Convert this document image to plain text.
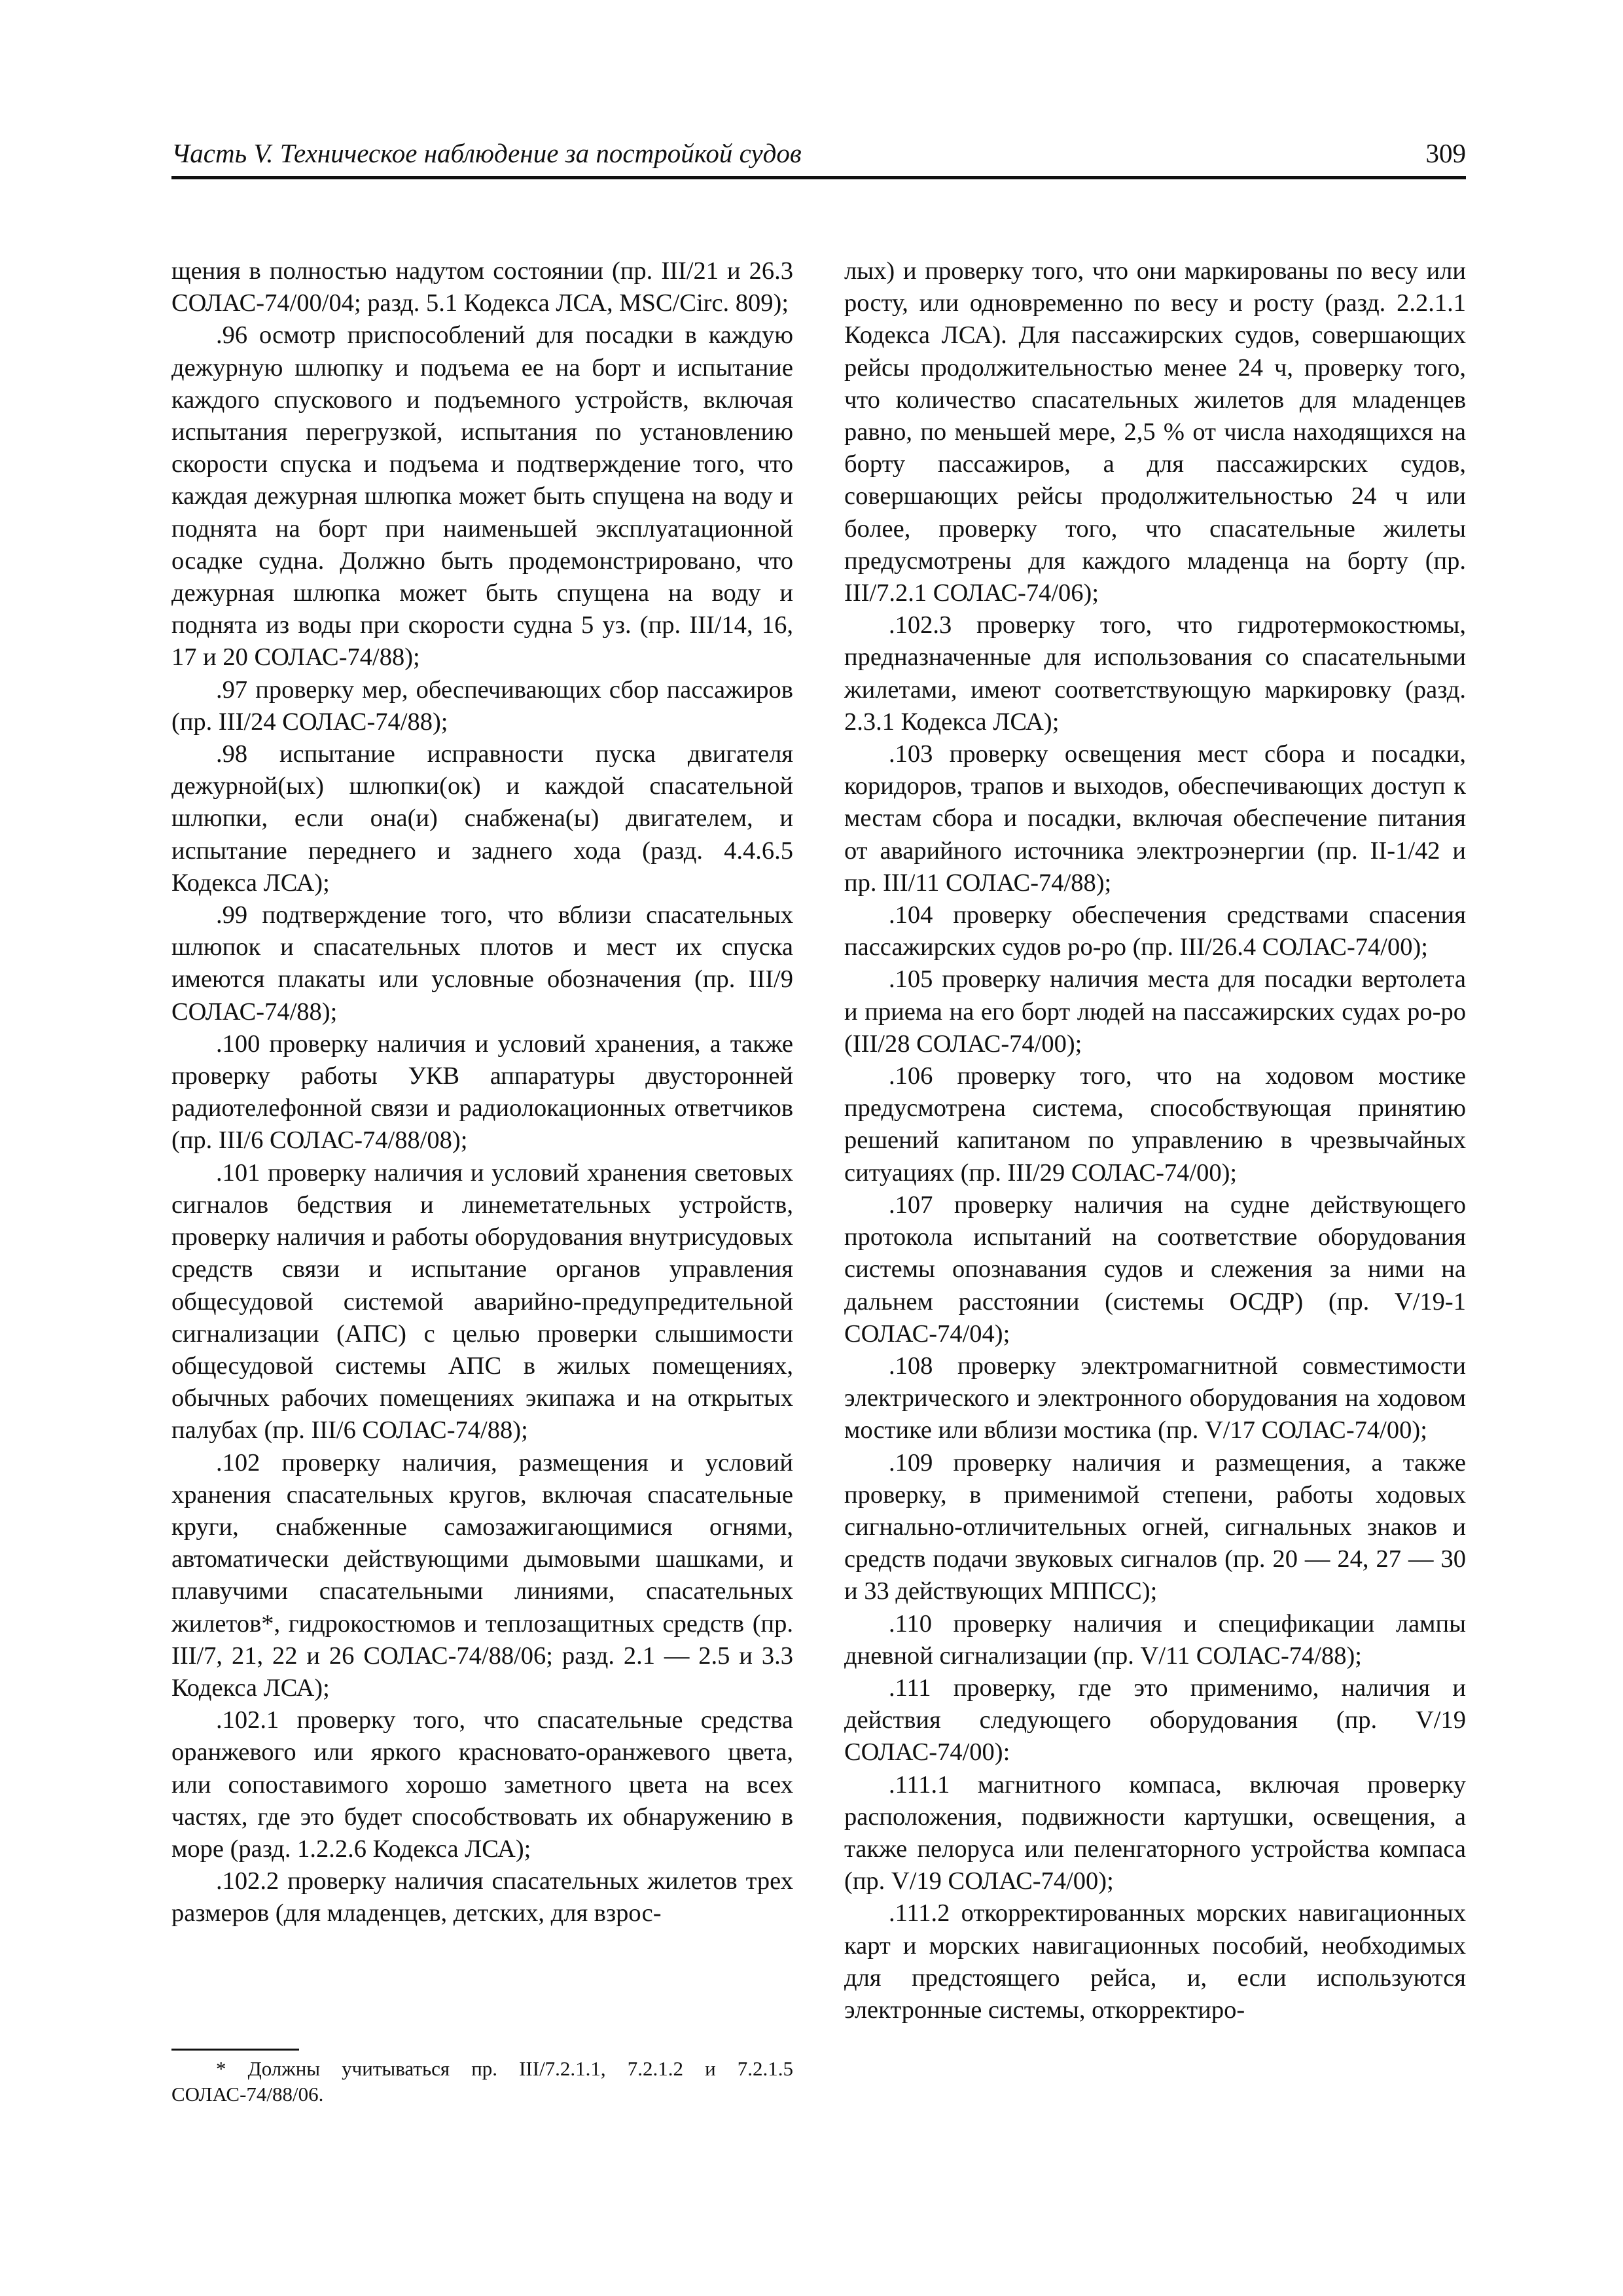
Часть V. Техническое наблюдение за постройкой судов	309

щения в полностью надутом состоянии (пр. III/21 и 26.3 СОЛАС-74/00/04; разд. 5.1 Кодекса ЛСА, MSC/Circ. 809);

.96 осмотр приспособлений для посадки в каждую дежурную шлюпку и подъема ее на борт и испытание каждого спускового и подъемного устройств, включая испытания перегрузкой, испытания по установлению скорости спуска и подъема и подтверждение того, что каждая дежурная шлюпка может быть спущена на воду и поднята на борт при наименьшей эксплуатационной осадке судна. Должно быть продемонстрировано, что дежурная шлюпка может быть спущена на воду и поднята из воды при скорости судна 5 уз. (пр. III/14, 16, 17 и 20 СОЛАС-74/88);

.97 проверку мер, обеспечивающих сбор пассажиров (пр. III/24 СОЛАС-74/88);

.98 испытание исправности пуска двигателя дежурной(ых) шлюпки(ок) и каждой спасательной шлюпки, если она(и) снабжена(ы) двигателем, и испытание переднего и заднего хода (разд. 4.4.6.5 Кодекса ЛСА);

.99 подтверждение того, что вблизи спасательных шлюпок и спасательных плотов и мест их спуска имеются плакаты или условные обозначения (пр. III/9 СОЛАС-74/88);

.100 проверку наличия и условий хранения, а также проверку работы УКВ аппаратуры двусторонней радиотелефонной связи и радиолокационных ответчиков (пр. III/6 СОЛАС-74/88/08);

.101 проверку наличия и условий хранения световых сигналов бедствия и линеметательных устройств, проверку наличия и работы оборудования внутрисудовых средств связи и испытание органов управления общесудовой системой аварийно-предупредительной сигнализации (АПС) с целью проверки слышимости общесудовой системы АПС в жилых помещениях, обычных рабочих помещениях экипажа и на открытых палубах (пр. III/6 СОЛАС-74/88);

.102 проверку наличия, размещения и условий хранения спасательных кругов, включая спасательные круги, снабженные самозажигающимися огнями, автоматически действующими дымовыми шашками, и плавучими спасательными линиями, спасательных жилетов*, гидрокостюмов и теплозащитных средств (пр. III/7, 21, 22 и 26 СОЛАС-74/88/06; разд. 2.1 — 2.5 и 3.3 Кодекса ЛСА);

.102.1 проверку того, что спасательные средства оранжевого или яркого красновато-оранжевого цвета, или сопоставимого хорошо заметного цвета на всех частях, где это будет способствовать их обнаружению в море (разд. 1.2.2.6 Кодекса ЛСА);

.102.2 проверку наличия спасательных жилетов трех размеров (для младенцев, детских, для взрос-

* Должны учитываться пр. III/7.2.1.1, 7.2.1.2 и 7.2.1.5 СОЛАС-74/88/06.

лых) и проверку того, что они маркированы по весу или росту, или одновременно по весу и росту (разд. 2.2.1.1 Кодекса ЛСА). Для пассажирских судов, совершающих рейсы продолжительностью менее 24 ч, проверку того, что количество спасательных жилетов для младенцев равно, по меньшей мере, 2,5 % от числа находящихся на борту пассажиров, а для пассажирских судов, совершающих рейсы продолжительностью 24 ч или более, проверку того, что спасательные жилеты предусмотрены для каждого младенца на борту (пр. III/7.2.1 СОЛАС-74/06);

.102.3 проверку того, что гидротермокостюмы, предназначенные для использования со спасательными жилетами, имеют соответствующую маркировку (разд. 2.3.1 Кодекса ЛСА);

.103 проверку освещения мест сбора и посадки, коридоров, трапов и выходов, обеспечивающих доступ к местам сбора и посадки, включая обеспечение питания от аварийного источника электроэнергии (пр. II-1/42 и пр. III/11 СОЛАС-74/88);

.104 проверку обеспечения средствами спасения пассажирских судов ро-ро (пр. III/26.4 СОЛАС-74/00);

.105 проверку наличия места для посадки вертолета и приема на его борт людей на пассажирских судах ро-ро (III/28 СОЛАС-74/00);

.106 проверку того, что на ходовом мостике предусмотрена система, способствующая принятию решений капитаном по управлению в чрезвычайных ситуациях (пр. III/29 СОЛАС-74/00);

.107 проверку наличия на судне действующего протокола испытаний на соответствие оборудования системы опознавания судов и слежения за ними на дальнем расстоянии (системы ОСДР) (пр. V/19-1 СОЛАС-74/04);

.108 проверку электромагнитной совместимости электрического и электронного оборудования на ходовом мостике или вблизи мостика (пр. V/17 СОЛАС-74/00);

.109 проверку наличия и размещения, а также проверку, в применимой степени, работы ходовых сигнально-отличительных огней, сигнальных знаков и средств подачи звуковых сигналов (пр. 20 — 24, 27 — 30 и 33 действующих МППСС);

.110 проверку наличия и спецификации лампы дневной сигнализации (пр. V/11 СОЛАС-74/88);

.111 проверку, где это применимо, наличия и действия следующего оборудования (пр. V/19 СОЛАС-74/00):

.111.1 магнитного компаса, включая проверку расположения, подвижности картушки, освещения, а также пелоруса или пеленгаторного устройства компаса (пр. V/19 СОЛАС-74/00);

.111.2 откорректированных морских навигационных карт и морских навигационных пособий, необходимых для предстоящего рейса, и, если используются электронные системы, откорректиро-
